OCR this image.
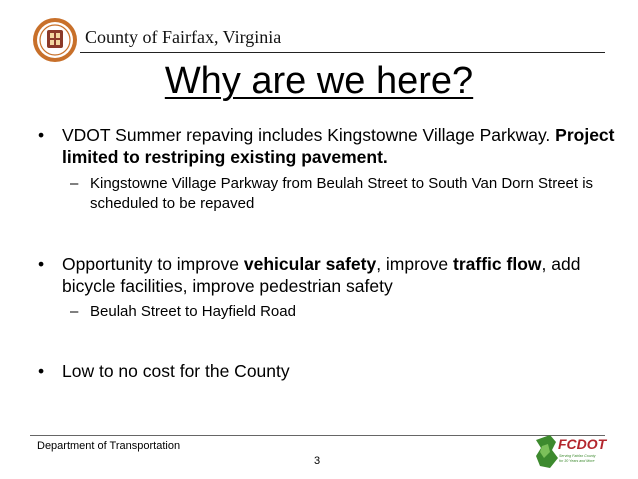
County of Fairfax, Virginia
Why are we here?
• VDOT Summer repaving includes Kingstowne Village Parkway. Project limited to restriping existing pavement.
– Kingstowne Village Parkway from Beulah Street to South Van Dorn Street is scheduled to be repaved
• Opportunity to improve vehicular safety, improve traffic flow, add bicycle facilities, improve pedestrian safety
– Beulah Street to Hayfield Road
• Low to no cost for the County
Department of Transportation
3
FCDOT
Serving Fairfax County
for 30 Years and More
